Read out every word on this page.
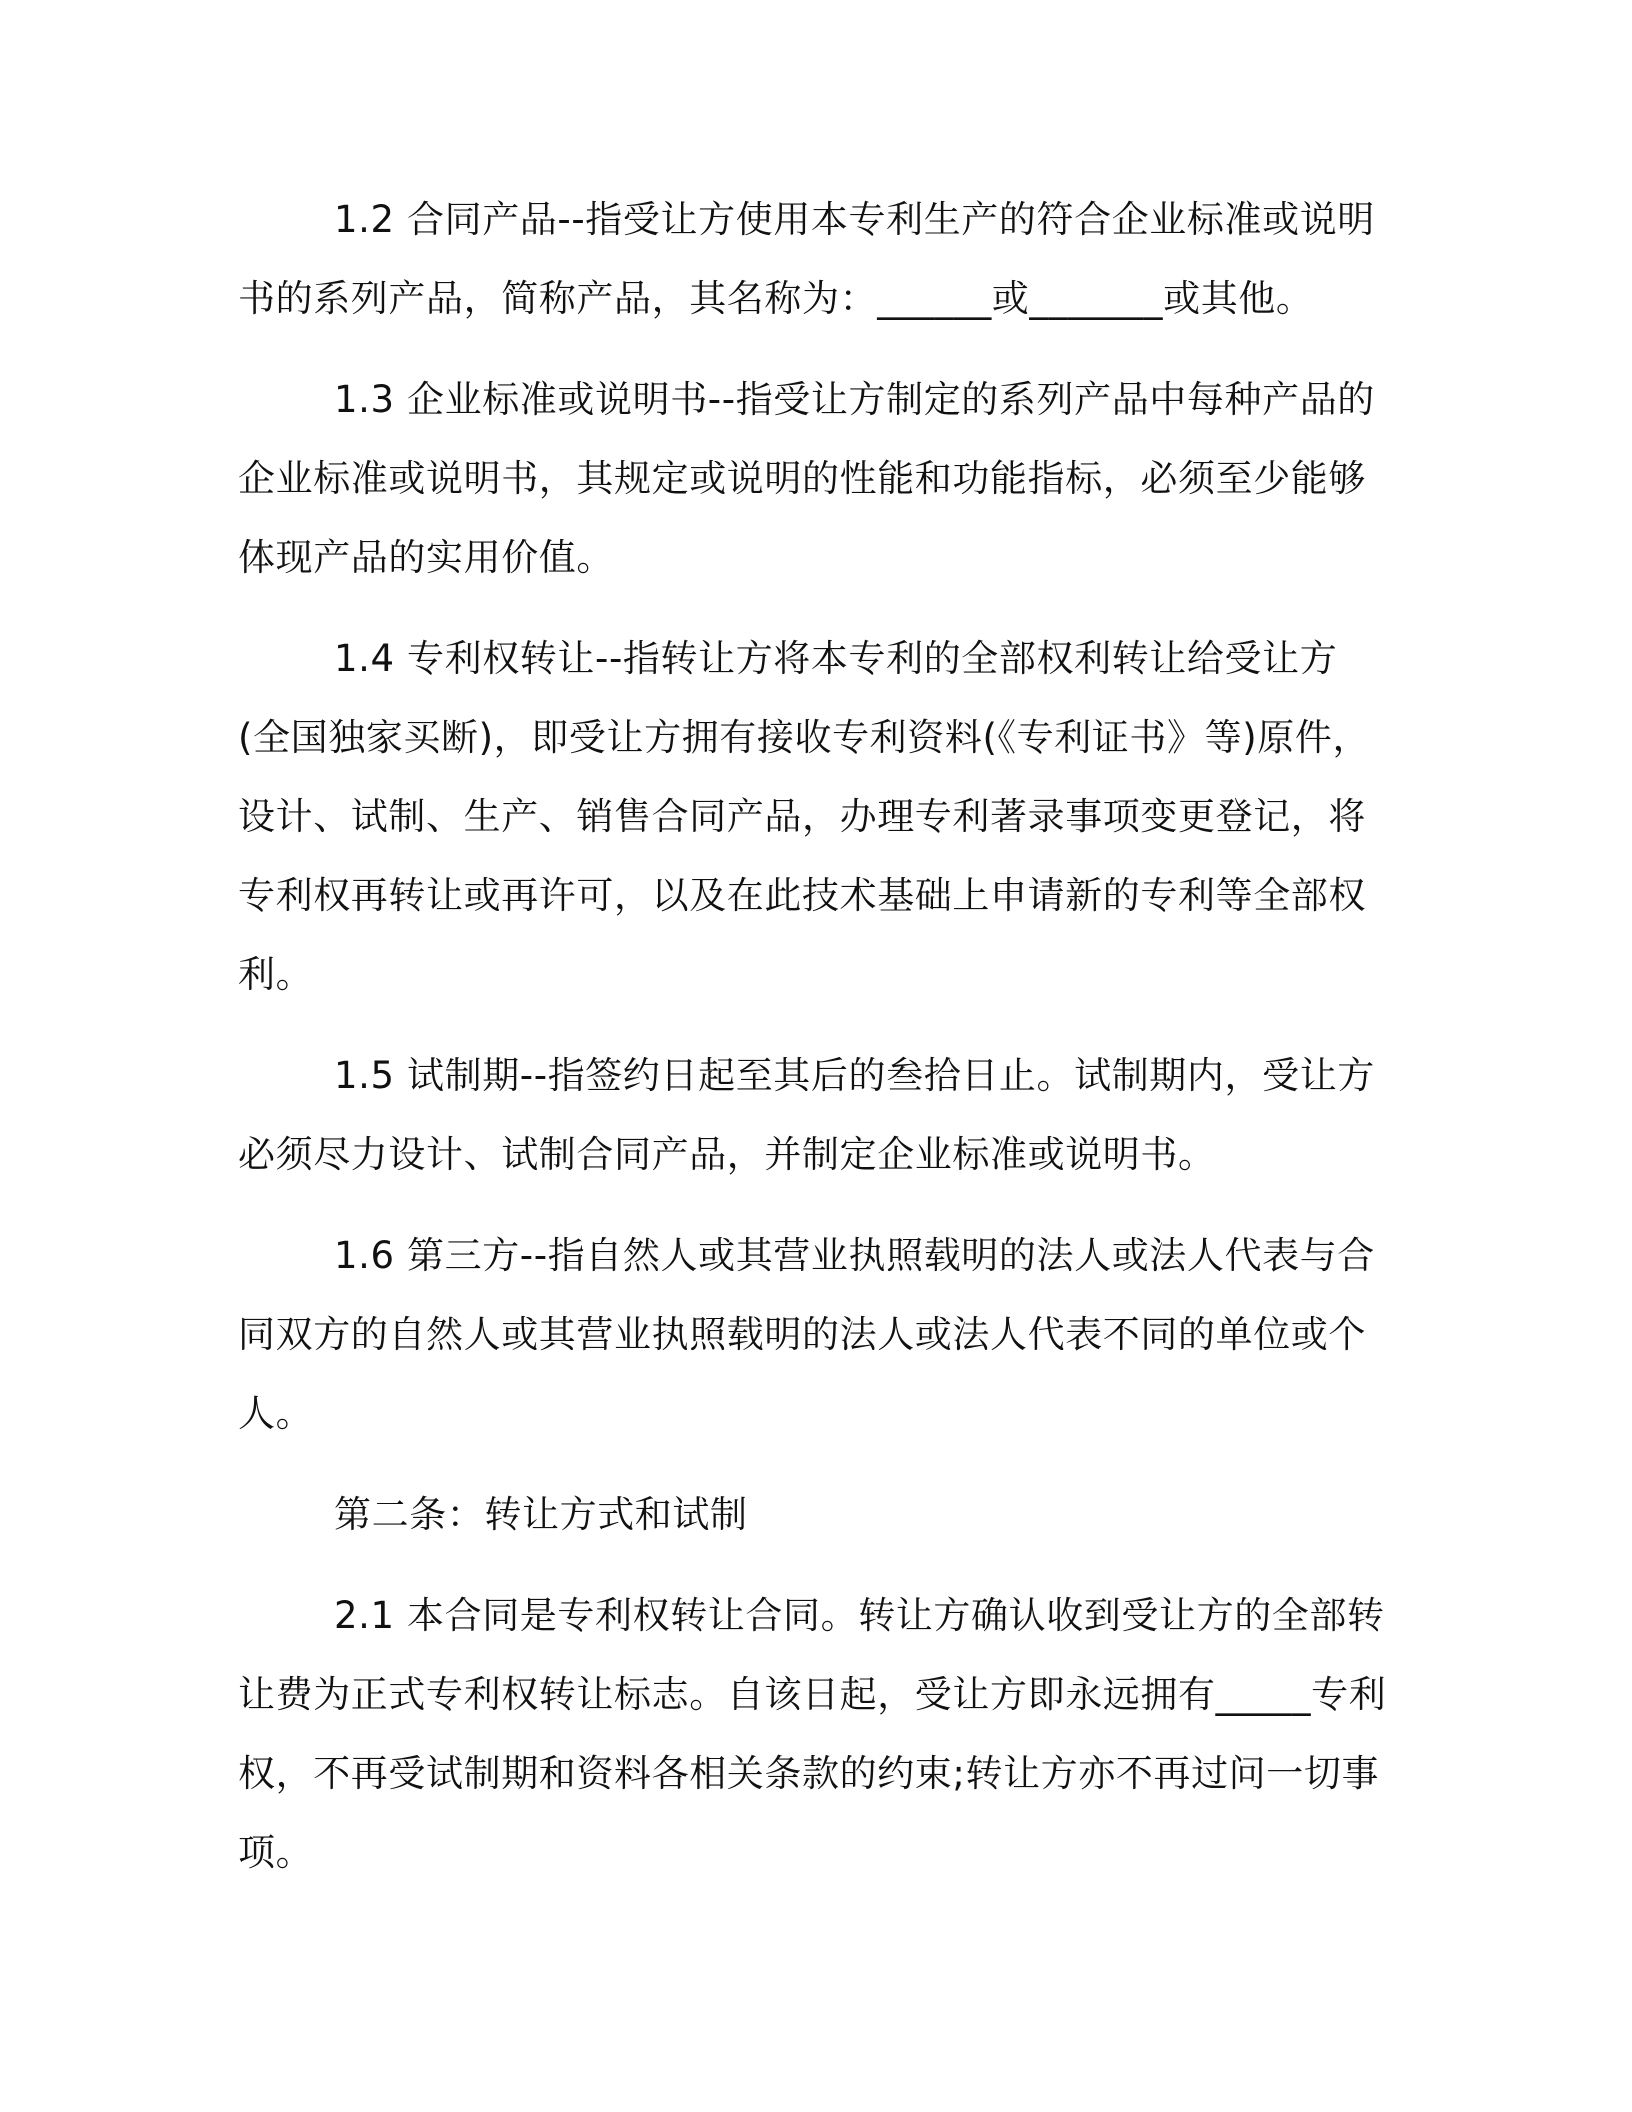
1.2 合同产品--指受让方使用本专利生产的符合企业标准或说明书的系列产品，简称产品，其名称为：______或_______或其他。

1.3 企业标准或说明书--指受让方制定的系列产品中每种产品的企业标准或说明书，其规定或说明的性能和功能指标，必须至少能够体现产品的实用价值。

1.4 专利权转让--指转让方将本专利的全部权利转让给受让方(全国独家买断)，即受让方拥有接收专利资料(《专利证书》等)原件，设计、试制、生产、销售合同产品，办理专利著录事项变更登记，将专利权再转让或再许可，以及在此技术基础上申请新的专利等全部权利。

1.5 试制期--指签约日起至其后的叁拾日止。试制期内，受让方必须尽力设计、试制合同产品，并制定企业标准或说明书。

1.6 第三方--指自然人或其营业执照载明的法人或法人代表与合同双方的自然人或其营业执照载明的法人或法人代表不同的单位或个人。

第二条：转让方式和试制

2.1 本合同是专利权转让合同。转让方确认收到受让方的全部转让费为正式专利权转让标志。自该日起，受让方即永远拥有_____专利权，不再受试制期和资料各相关条款的约束;转让方亦不再过问一切事项。
